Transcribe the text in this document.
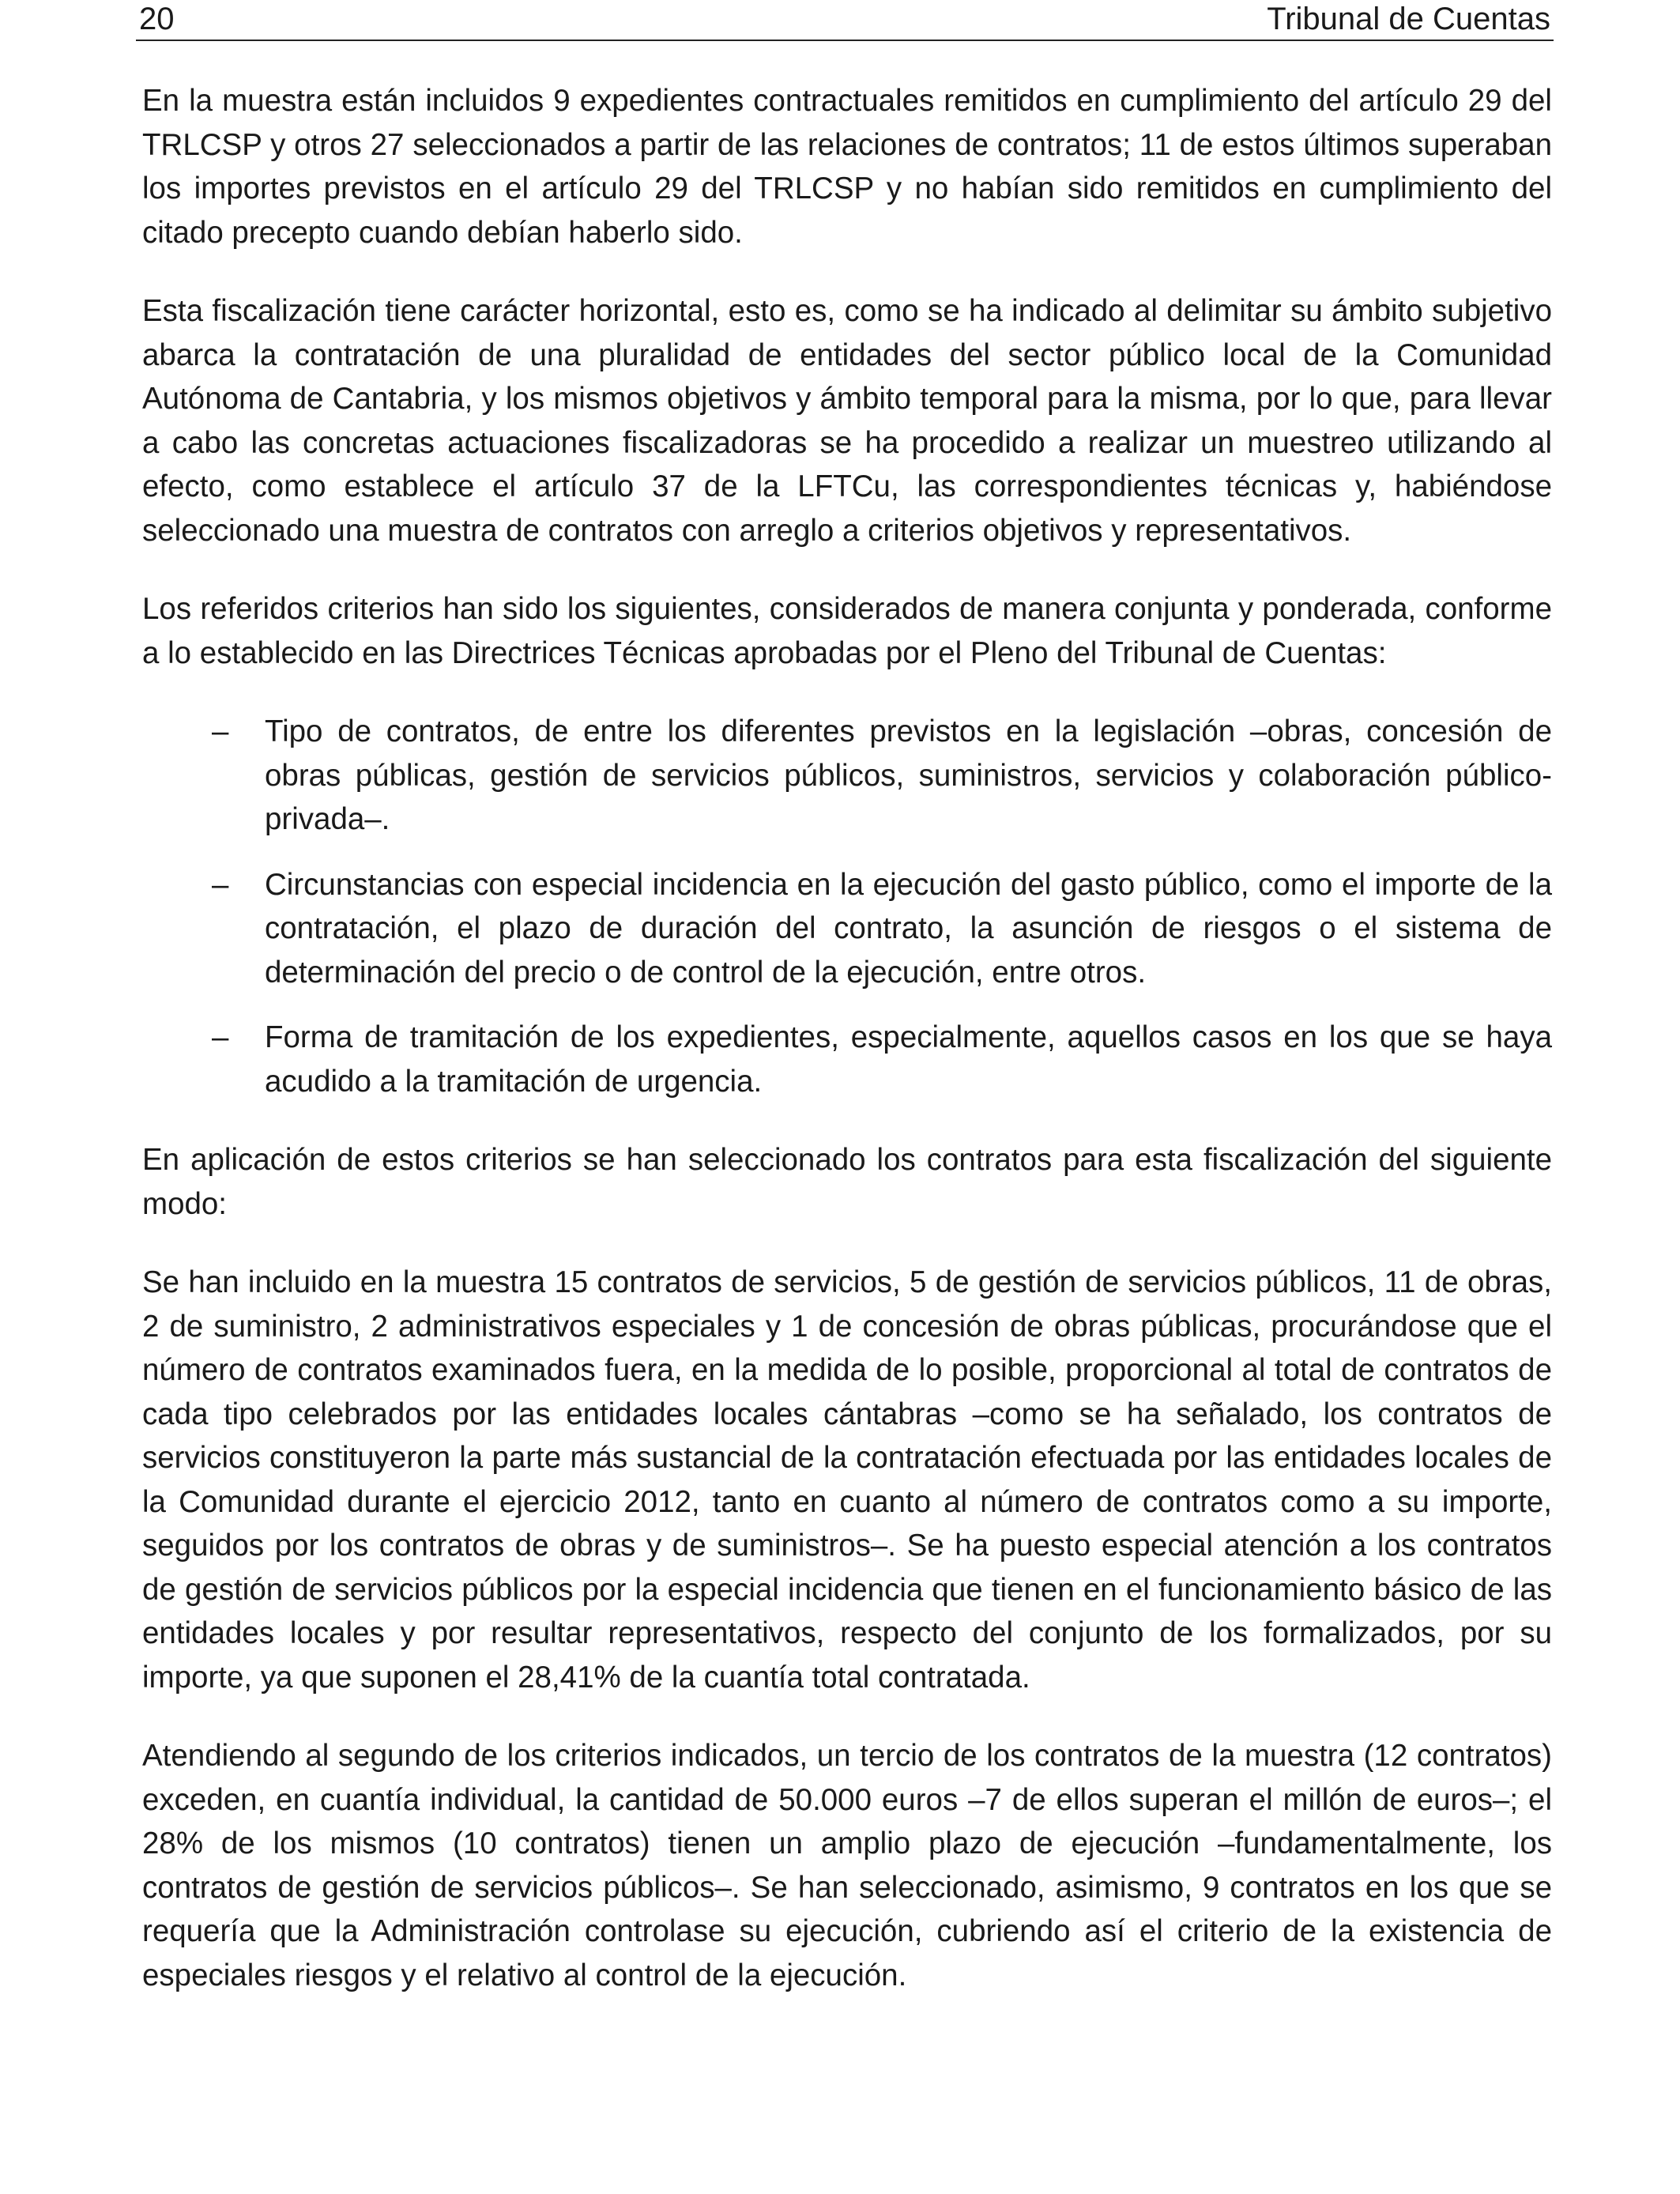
20	Tribunal de Cuentas

En la muestra están incluidos 9 expedientes contractuales remitidos en cumplimiento del artículo 29 del TRLCSP y otros 27 seleccionados a partir de las relaciones de contratos; 11 de estos últimos superaban los importes previstos en el artículo 29 del TRLCSP y no habían sido remitidos en cumplimiento del citado precepto cuando debían haberlo sido.

Esta fiscalización tiene carácter horizontal, esto es, como se ha indicado al delimitar su ámbito subjetivo abarca la contratación de una pluralidad de entidades del sector público local de la Comunidad Autónoma de Cantabria, y los mismos objetivos y ámbito temporal para la misma, por lo que, para llevar a cabo las concretas actuaciones fiscalizadoras se ha procedido a realizar un muestreo utilizando al efecto, como establece el artículo 37 de la LFTCu, las correspondientes técnicas y, habiéndose seleccionado una muestra de contratos con arreglo a criterios objetivos y representativos.

Los referidos criterios han sido los siguientes, considerados de manera conjunta y ponderada, conforme a lo establecido en las Directrices Técnicas aprobadas por el Pleno del Tribunal de Cuentas:

– Tipo de contratos, de entre los diferentes previstos en la legislación –obras, concesión de obras públicas, gestión de servicios públicos, suministros, servicios y colaboración público-privada–.
– Circunstancias con especial incidencia en la ejecución del gasto público, como el importe de la contratación, el plazo de duración del contrato, la asunción de riesgos o el sistema de determinación del precio o de control de la ejecución, entre otros.
– Forma de tramitación de los expedientes, especialmente, aquellos casos en los que se haya acudido a la tramitación de urgencia.

En aplicación de estos criterios se han seleccionado los contratos para esta fiscalización del siguiente modo:

Se han incluido en la muestra 15 contratos de servicios, 5 de gestión de servicios públicos, 11 de obras, 2 de suministro, 2 administrativos especiales y 1 de concesión de obras públicas, procurándose que el número de contratos examinados fuera, en la medida de lo posible, proporcional al total de contratos de cada tipo celebrados por las entidades locales cántabras –como se ha señalado, los contratos de servicios constituyeron la parte más sustancial de la contratación efectuada por las entidades locales de la Comunidad durante el ejercicio 2012, tanto en cuanto al número de contratos como a su importe, seguidos por los contratos de obras y de suministros–. Se ha puesto especial atención a los contratos de gestión de servicios públicos por la especial incidencia que tienen en el funcionamiento básico de las entidades locales y por resultar representativos, respecto del conjunto de los formalizados, por su importe, ya que suponen el 28,41% de la cuantía total contratada.

Atendiendo al segundo de los criterios indicados, un tercio de los contratos de la muestra (12 contratos) exceden, en cuantía individual, la cantidad de 50.000 euros –7 de ellos superan el millón de euros–; el 28% de los mismos (10 contratos) tienen un amplio plazo de ejecución –fundamentalmente, los contratos de gestión de servicios públicos–. Se han seleccionado, asimismo, 9 contratos en los que se requería que la Administración controlase su ejecución, cubriendo así el criterio de la existencia de especiales riesgos y el relativo al control de la ejecución.
